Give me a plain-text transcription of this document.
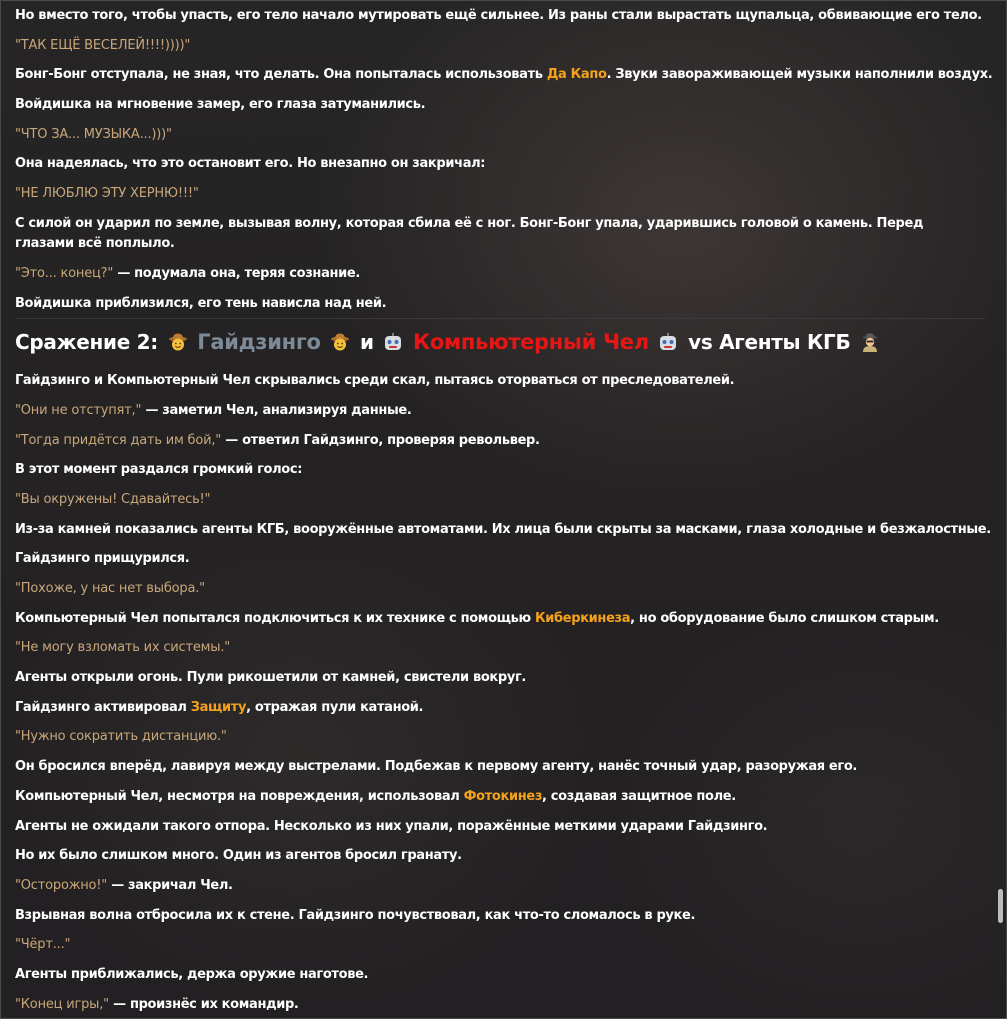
Но вместо того, чтобы упасть, его тело начало мутировать ещё сильнее. Из раны стали вырастать щупальца, обвивающие его тело.
"ТАК ЕЩЁ ВЕСЕЛЕЙ!!!!))))"
Бонг-Бонг отступала, не зная, что делать. Она попыталась использовать Да Капо. Звуки завораживающей музыки наполнили воздух.
Войдишка на мгновение замер, его глаза затуманились.
"ЧТО ЗА... МУЗЫКА...)))"
Она надеялась, что это остановит его. Но внезапно он закричал:
"НЕ ЛЮБЛЮ ЭТУ ХЕРНЮ!!!"
С силой он ударил по земле, вызывая волну, которая сбила её с ног. Бонг-Бонг упала, ударившись головой о камень. Перед глазами всё поплыло.
"Это... конец?" — подумала она, теряя сознание.
Войдишка приблизился, его тень нависла над ней.
Сражение 2: Гайдзинго и Компьютерный Чел vs Агенты КГБ
Гайдзинго и Компьютерный Чел скрывались среди скал, пытаясь оторваться от преследователей.
"Они не отступят," — заметил Чел, анализируя данные.
"Тогда придётся дать им бой," — ответил Гайдзинго, проверяя револьвер.
В этот момент раздался громкий голос:
"Вы окружены! Сдавайтесь!"
Из-за камней показались агенты КГБ, вооружённые автоматами. Их лица были скрыты за масками, глаза холодные и безжалостные.
Гайдзинго прищурился.
"Похоже, у нас нет выбора."
Компьютерный Чел попытался подключиться к их технике с помощью Киберкинеза, но оборудование было слишком старым.
"Не могу взломать их системы."
Агенты открыли огонь. Пули рикошетили от камней, свистели вокруг.
Гайдзинго активировал Защиту, отражая пули катаной.
"Нужно сократить дистанцию."
Он бросился вперёд, лавируя между выстрелами. Подбежав к первому агенту, нанёс точный удар, разоружая его.
Компьютерный Чел, несмотря на повреждения, использовал Фотокинез, создавая защитное поле.
Агенты не ожидали такого отпора. Несколько из них упали, поражённые меткими ударами Гайдзинго.
Но их было слишком много. Один из агентов бросил гранату.
"Осторожно!" — закричал Чел.
Взрывная волна отбросила их к стене. Гайдзинго почувствовал, как что-то сломалось в руке.
"Чёрт..."
Агенты приближались, держа оружие наготове.
"Конец игры," — произнёс их командир.
